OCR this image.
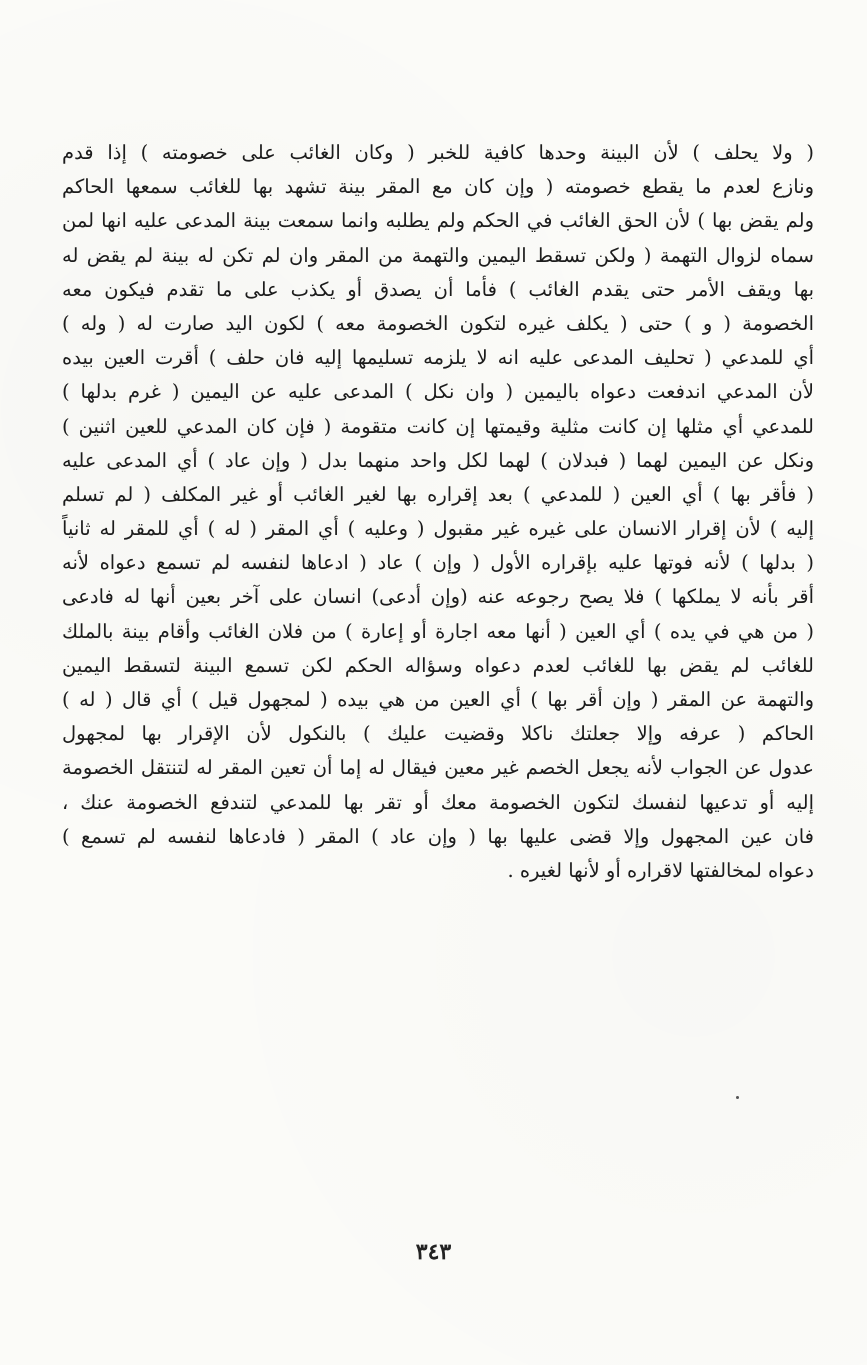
( ولا يحلف ) لأن البينة وحدها كافية للخبر ( وكان الغائب على خصومته ) إذا قدم
ونازع لعدم ما يقطع خصومته ( وإن كان مع المقر بينة تشهد بها للغائب سمعها الحاكم
ولم يقض بها ) لأن الحق الغائب في الحكم ولم يطلبه وانما سمعت بينة المدعى عليه انها لمن
سماه لزوال التهمة ( ولكن تسقط اليمين والتهمة من المقر وان لم تكن له بينة لم يقض له
بها ويقف الأمر حتى يقدم الغائب ) فأما أن يصدق أو يكذب على ما تقدم فيكون معه
الخصومة ( و ) حتى ( يكلف غيره لتكون الخصومة معه ) لكون اليد صارت له ( وله )
أي للمدعي ( تحليف المدعى عليه انه لا يلزمه تسليمها إليه فان حلف ) أقرت العين بيده
لأن المدعي اندفعت دعواه باليمين ( وان نكل ) المدعى عليه عن اليمين ( غرم بدلها )
للمدعي أي مثلها إن كانت مثلية وقيمتها إن كانت متقومة ( فإن كان المدعي للعين اثنين )
ونكل عن اليمين لهما ( فبدلان ) لهما لكل واحد منهما بدل ( وإن عاد ) أي المدعى عليه
( فأقر بها ) أي العين ( للمدعي ) بعد إقراره بها لغير الغائب أو غير المكلف ( لم تسلم
إليه ) لأن إقرار الانسان على غيره غير مقبول ( وعليه ) أي المقر ( له ) أي للمقر له ثانياً
( بدلها ) لأنه فوتها عليه بإقراره الأول ( وإن ) عاد ( ادعاها لنفسه لم تسمع دعواه لأنه
أقر بأنه لا يملكها ) فلا يصح رجوعه عنه (وإن أدعى) انسان على آخر بعين أنها له فادعى
( من هي في يده ) أي العين ( أنها معه اجارة أو إعارة ) من فلان الغائب وأقام بينة بالملك
للغائب لم يقض بها للغائب لعدم دعواه وسؤاله الحكم لكن تسمع البينة لتسقط اليمين
والتهمة عن المقر ( وإن أقر بها ) أي العين من هي بيده ( لمجهول قيل ) أي قال ( له )
الحاكم ( عرفه وإلا جعلتك ناكلا وقضيت عليك ) بالنكول لأن الإقرار بها لمجهول
عدول عن الجواب لأنه يجعل الخصم غير معين فيقال له إما أن تعين المقر له لتنتقل الخصومة
إليه أو تدعيها لنفسك لتكون الخصومة معك أو تقر بها للمدعي لتندفع الخصومة عنك ،
فان عين المجهول وإلا قضى عليها بها ( وإن عاد ) المقر ( فادعاها لنفسه لم تسمع )
دعواه لمخالفتها لاقراره أو لأنها لغيره .
٣٤٣
